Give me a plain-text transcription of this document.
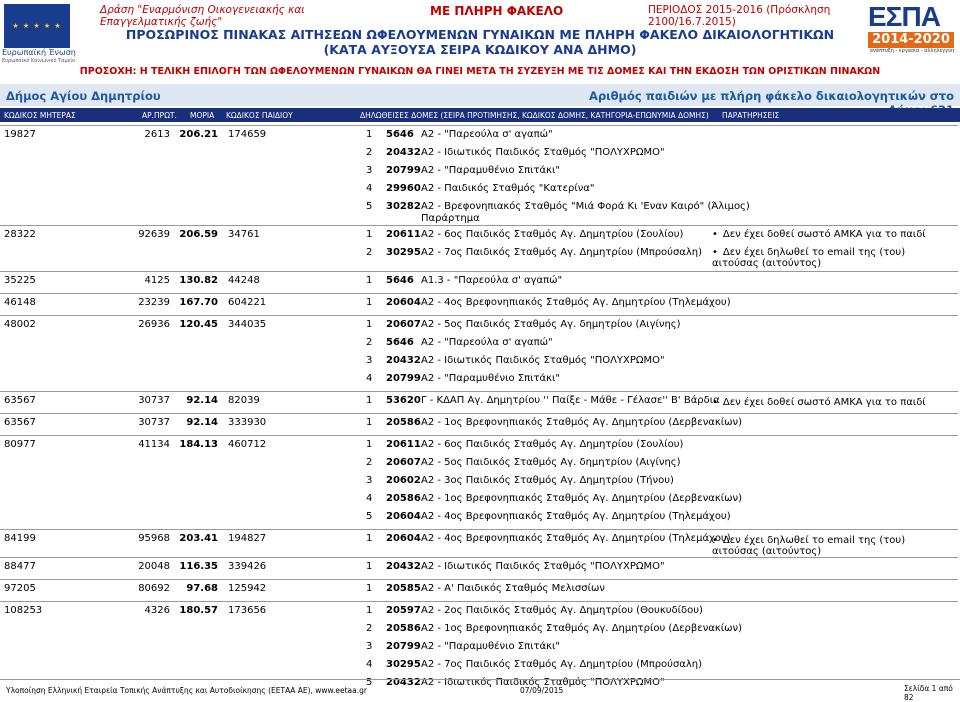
★ ★ ★ ★ ★
Ευρωπαϊκή Ένωση
Ευρωπαϊκό Κοινωνικό Ταμείο
Δράση "Εναρμόνιση Οικογενειακής και Επαγγελματικής ζωής"
ΜΕ ΠΛΗΡΗ ΦΑΚΕΛΟ	ΠΕΡΙΟΔΟΣ 2015-2016 (Πρόσκληση 2100/16.7.2015)	ΕΣΠΑ
2014-2020
ανάπτυξη - εργασία - αλληλεγγύη
ΠΡΟΣΩΡΙΝΟΣ ΠΙΝΑΚΑΣ ΑΙΤΗΣΕΩΝ ΩΦΕΛΟΥΜΕΝΩΝ ΓΥΝΑΙΚΩΝ ΜΕ ΠΛΗΡΗ ΦΑΚΕΛΟ ΔΙΚΑΙΟΛΟΓΗΤΙΚΩΝ
(ΚΑΤΑ ΑΥΞΟΥΣΑ ΣΕΙΡΑ ΚΩΔΙΚΟΥ ΑΝΑ ΔΗΜΟ)
ΠΡΟΣΟΧΗ: Η ΤΕΛΙΚΗ ΕΠΙΛΟΓΗ ΤΩΝ ΩΦΕΛΟΥΜΕΝΩΝ ΓΥΝΑΙΚΩΝ ΘΑ ΓΙΝΕΙ ΜΕΤΑ ΤΗ ΣΥΖΕΥΞΗ ΜΕ ΤΙΣ ΔΟΜΕΣ ΚΑΙ ΤΗΝ ΕΚΔΟΣΗ ΤΩΝ ΟΡΙΣΤΙΚΩΝ ΠΙΝΑΚΩΝ
Δήμος Αγίου Δημητρίου	Αριθμός παιδιών με πλήρη φάκελο δικαιολογητικών στο
ΚΩΔΙΚΟΣ ΜΗΤΕΡΑΣ	ΑΡ.ΠΡΩΤ. ΜΟΡΙΑ ΚΩΔΙΚΟΣ ΠΑΙΔΙΟΥ	ΔΗΛΩΘΕΙΣΕΣ ΔΟΜΕΣ (ΣΕΙΡΑ ΠΡΟΤΙΜΗΣΗΣ, ΚΩΔΙΚΟΣ ΔΟΜΗΣ, ΚΑΤΗΓΟΡΙΑ-ΕΠΩΝΥΜΙΑ ΔΟΜΗΣ) ΠΑΡΑΤΗΡΗΣΕΙΣ
19827	2613 206.21 174659	1 5646 Α2 - "Παρεούλα σ' αγαπώ"
2 20432 Α2 - Ιδιωτικός Παιδικός Σταθμός "ΠΟΛΥΧΡΩΜΟ"
3 20799 Α2 - "Παραμυθένιο Σπιτάκι"
4 29960 Α2 - Παιδικός Σταθμός "Κατερίνα"
5 30282 Α2 - Βρεφονηπιακός Σταθμός "Μιά Φορά Κι 'Εναν Καιρό" (Άλιμος)
Παράρτημα
28322	92639 206.59 34761	1 20611 Α2 - 6ος Παιδικός Σταθμός Αγ. Δημητρίου (Σουλίου)	• Δεν έχει δοθεί σωστό ΑΜΚΑ για το παιδί
2 30295 Α2 - 7ος Παιδικός Σταθμός Αγ. Δημητρίου (Μπρούσαλη)	• Δεν έχει δηλωθεί το email της (του) αιτούσας (αιτούντος)
35225	4125 130.82 44248	1 5646 Α1.3 - "Παρεούλα σ' αγαπώ"
46148	23239 167.70 604221	1 20604 Α2 - 4ος Βρεφονηπιακός Σταθμός Αγ. Δημητρίου (Τηλεμάχου)
48002	26936 120.45 344035	1 20607 Α2 - 5ος Παιδικός Σταθμός Αγ. δημητρίου (Αιγίνης)
2 5646 Α2 - "Παρεούλα σ' αγαπώ"
3 20432 Α2 - Ιδιωτικός Παιδικός Σταθμός "ΠΟΛΥΧΡΩΜΟ"
4 20799 Α2 - "Παραμυθένιο Σπιτάκι"
63567	30737	92.14 82039	1 53620 Γ - ΚΔΑΠ Αγ. Δημητρίου '' Παίξε - Μάθε - Γέλασε'' Β' Βάρδια • Δεν έχει δοθεί σωστό ΑΜΚΑ για το παιδί
63567	30737	92.14 333930	1 20586 Α2 - 1ος Βρεφονηπιακός Σταθμός Αγ. Δημητρίου (Δερβενακίων)
80977	41134 184.13 460712	1 20611 Α2 - 6ος Παιδικός Σταθμός Αγ. Δημητρίου (Σουλίου)
2 20607 Α2 - 5ος Παιδικός Σταθμός Αγ. δημητρίου (Αιγίνης)
3 20602 Α2 - 3ος Παιδικός Σταθμός Αγ. Δημητρίου (Τήνου)
4 20586 Α2 - 1ος Βρεφονηπιακός Σταθμός Αγ. Δημητρίου (Δερβενακίων)
5 20604 Α2 - 4ος Βρεφονηπιακός Σταθμός Αγ. Δημητρίου (Τηλεμάχου)
84199	95968 203.41 194827	1 20604 Α2 - 4ος Βρεφονηπιακός Σταθμός Αγ. Δημητρίου (Τηλεμάχου)
• Δεν έχει δηλωθεί το email της (του) αιτούσας (αιτούντος)
88477	20048 116.35 339426	1 20432 Α2 - Ιδιωτικός Παιδικός Σταθμός "ΠΟΛΥΧΡΩΜΟ"
97205	80692	97.68 125942	1 20585 Α2 - Α' Παιδικός Σταθμός Μελισσίων
108253	4326 180.57 173656	1 20597 Α2 - 2ος Παιδικός Σταθμός Αγ. Δημητρίου (Θουκυδίδου)
2 20586 Α2 - 1ος Βρεφονηπιακός Σταθμός Αγ. Δημητρίου (Δερβενακίων)
3 20799 Α2 - "Παραμυθένιο Σπιτάκι"
4 30295 Α2 - 7ος Παιδικός Σταθμός Αγ. Δημητρίου (Μπρούσαλη)
5 20432 Α2 - Ιδιωτικός Παιδικός Σταθμός "ΠΟΛΥΧΡΩΜΟ"
Υλοποίηση Ελληνική Εταιρεία Τοπικής Ανάπτυξης και Αυτοδιοίκησης (ΕΕΤΑΑ ΑΕ), www.eetaa.gr	07/09/2015	Σελίδα 1 από 82
